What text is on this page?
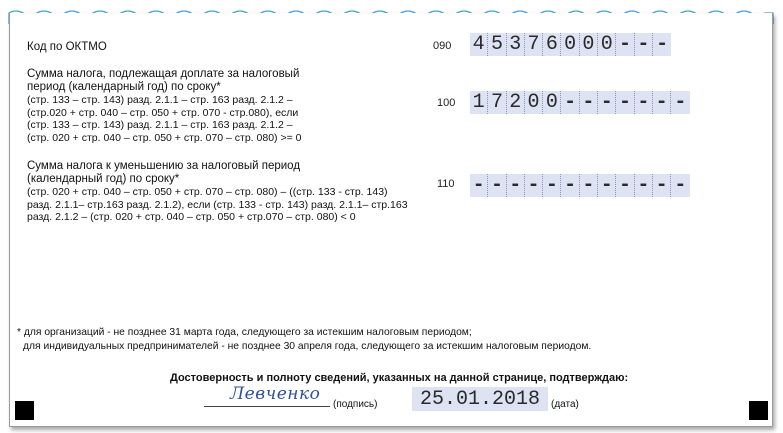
Код по ОКТМО	090 4 5 3 7 6 0 0 0 - - -
Сумма налога, подлежащая доплате за налоговый
период (календарный год) по сроку*
(стр. 133 – стр. 143) разд. 2.1.1 – стр. 163 разд. 2.1.2 –
(стр.020 + стр. 040 – стр. 050 + стр. 070 - стр.080), если
(стр. 133 – стр. 143) разд. 2.1.1 – стр. 163 разд. 2.1.2 –
(стр. 020 + стр. 040 – стр. 050 + стр. 070 – стр. 080) >= 0
100 1 7 2 0 0 - - - - - - -
Сумма налога к уменьшению за налоговый период
(календарный год) по сроку*
(стр. 020 + стр. 040 – стр. 050 + стр. 070 – стр. 080) – ((стр. 133 - стр. 143)
разд. 2.1.1– стр.163 разд. 2.1.2), если (стр. 133 - стр. 143) разд. 2.1.1– стр.163
разд. 2.1.2 – (стр. 020 + стр. 040 – стр. 050 + стр.070 – стр. 080) < 0
110 - - - - - - - - - - - -
* для организаций - не позднее 31 марта года, следующего за истекшим налоговым периодом;
для индивидуальных предпринимателей - не позднее 30 апреля года, следующего за истекшим налоговым периодом.
Достоверность и полноту сведений, указанных на данной странице, подтверждаю:
Левченко
(подпись)	25.01.2018	(дата)
